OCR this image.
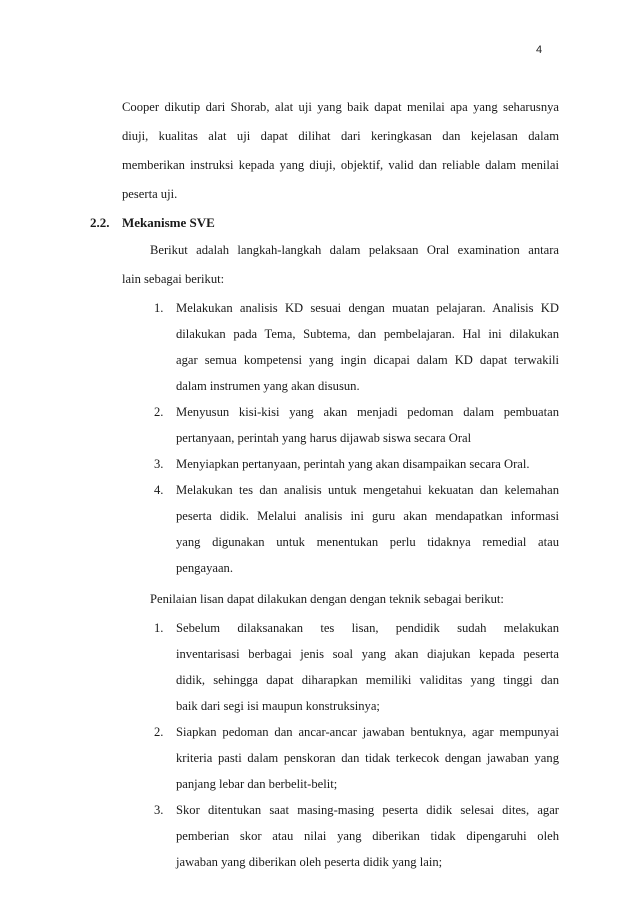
4
Cooper dikutip dari Shorab, alat uji yang baik dapat menilai apa yang seharusnya
diuji, kualitas alat uji dapat dilihat dari keringkasan dan kejelasan dalam
memberikan instruksi kepada yang diuji, objektif, valid dan reliable dalam menilai
peserta uji.
2.2. Mekanisme SVE
Berikut adalah langkah-langkah dalam pelaksaan Oral examination antara
lain sebagai berikut:
1. Melakukan analisis KD sesuai dengan muatan pelajaran. Analisis KD
dilakukan pada Tema, Subtema, dan pembelajaran. Hal ini dilakukan
agar semua kompetensi yang ingin dicapai dalam KD dapat terwakili
dalam instrumen yang akan disusun.
2. Menyusun kisi-kisi yang akan menjadi pedoman dalam pembuatan
pertanyaan, perintah yang harus dijawab siswa secara Oral
3. Menyiapkan pertanyaan, perintah yang akan disampaikan secara Oral.
4. Melakukan tes dan analisis untuk mengetahui kekuatan dan kelemahan
peserta didik. Melalui analisis ini guru akan mendapatkan informasi
yang digunakan untuk menentukan perlu tidaknya remedial atau
pengayaan.
Penilaian lisan dapat dilakukan dengan dengan teknik sebagai berikut:
1. Sebelum dilaksanakan tes lisan, pendidik sudah melakukan
inventarisasi berbagai jenis soal yang akan diajukan kepada peserta
didik, sehingga dapat diharapkan memiliki validitas yang tinggi dan
baik dari segi isi maupun konstruksinya;
2. Siapkan pedoman dan ancar-ancar jawaban bentuknya, agar mempunyai
kriteria pasti dalam penskoran dan tidak terkecok dengan jawaban yang
panjang lebar dan berbelit-belit;
3. Skor ditentukan saat masing-masing peserta didik selesai dites, agar
pemberian skor atau nilai yang diberikan tidak dipengaruhi oleh
jawaban yang diberikan oleh peserta didik yang lain;
